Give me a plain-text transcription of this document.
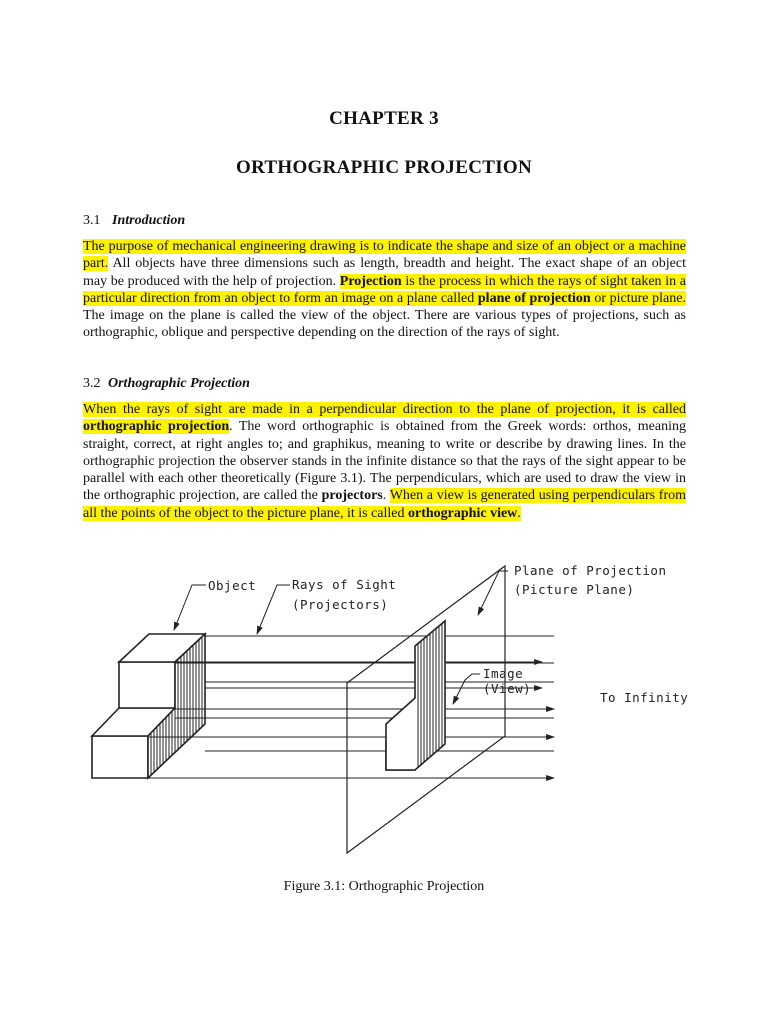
CHAPTER 3
ORTHOGRAPHIC PROJECTION
3.1 Introduction
The purpose of mechanical engineering drawing is to indicate the shape and size of an object or a machine part. All objects have three dimensions such as length, breadth and height. The exact shape of an object may be produced with the help of projection. Projection is the process in which the rays of sight taken in a particular direction from an object to form an image on a plane called plane of projection or picture plane. The image on the plane is called the view of the object. There are various types of projections, such as orthographic, oblique and perspective depending on the direction of the rays of sight.
3.2 Orthographic Projection
When the rays of sight are made in a perpendicular direction to the plane of projection, it is called orthographic projection. The word orthographic is obtained from the Greek words: orthos, meaning straight, correct, at right angles to; and graphikus, meaning to write or describe by drawing lines. In the orthographic projection the observer stands in the infinite distance so that the rays of the sight appear to be parallel with each other theoretically (Figure 3.1). The perpendiculars, which are used to draw the view in the orthographic projection, are called the projectors. When a view is generated using perpendiculars from all the points of the object to the picture plane, it is called orthographic view.
Object	Rays of Sight
(Projectors)
Plane of Projection
(Picture Plane)
Image
(View)
To Infinity
Figure 3.1: Orthographic Projection
